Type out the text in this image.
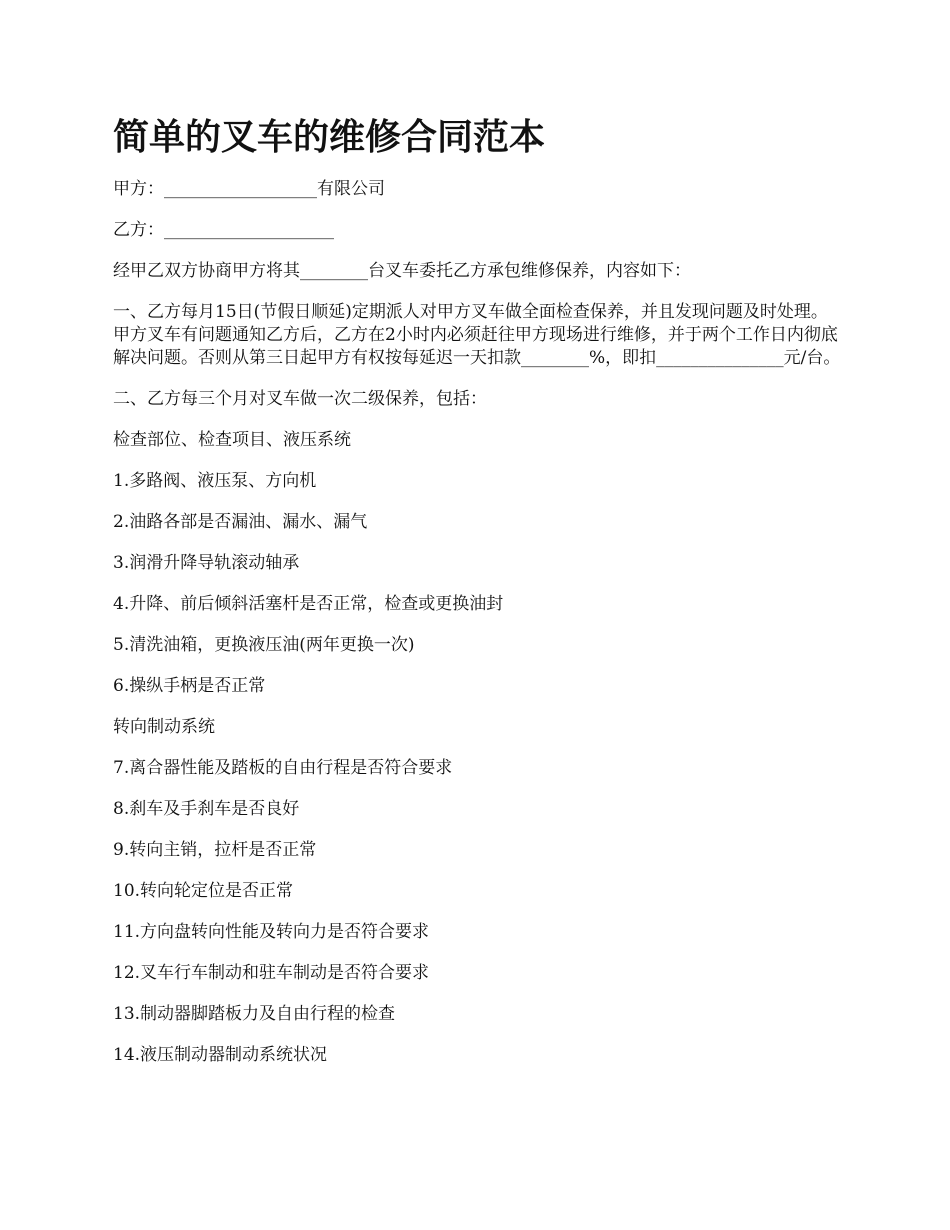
简单的叉车的维修合同范本

甲方：__________________有限公司

乙方：____________________

经甲乙双方协商甲方将其________台叉车委托乙方承包维修保养，内容如下：

一、乙方每月15日(节假日顺延)定期派人对甲方叉车做全面检查保养，并且发现问题及时处理。甲方叉车有问题通知乙方后，乙方在2小时内必须赶往甲方现场进行维修，并于两个工作日内彻底解决问题。否则从第三日起甲方有权按每延迟一天扣款________%，即扣_______________元/台。

二、乙方每三个月对叉车做一次二级保养，包括：

检查部位、检查项目、液压系统

1.多路阀、液压泵、方向机

2.油路各部是否漏油、漏水、漏气

3.润滑升降导轨滚动轴承

4.升降、前后倾斜活塞杆是否正常，检查或更换油封

5.清洗油箱，更换液压油(两年更换一次)

6.操纵手柄是否正常

转向制动系统

7.离合器性能及踏板的自由行程是否符合要求

8.刹车及手刹车是否良好

9.转向主销，拉杆是否正常

10.转向轮定位是否正常

11.方向盘转向性能及转向力是否符合要求

12.叉车行车制动和驻车制动是否符合要求

13.制动器脚踏板力及自由行程的检查

14.液压制动器制动系统状况
